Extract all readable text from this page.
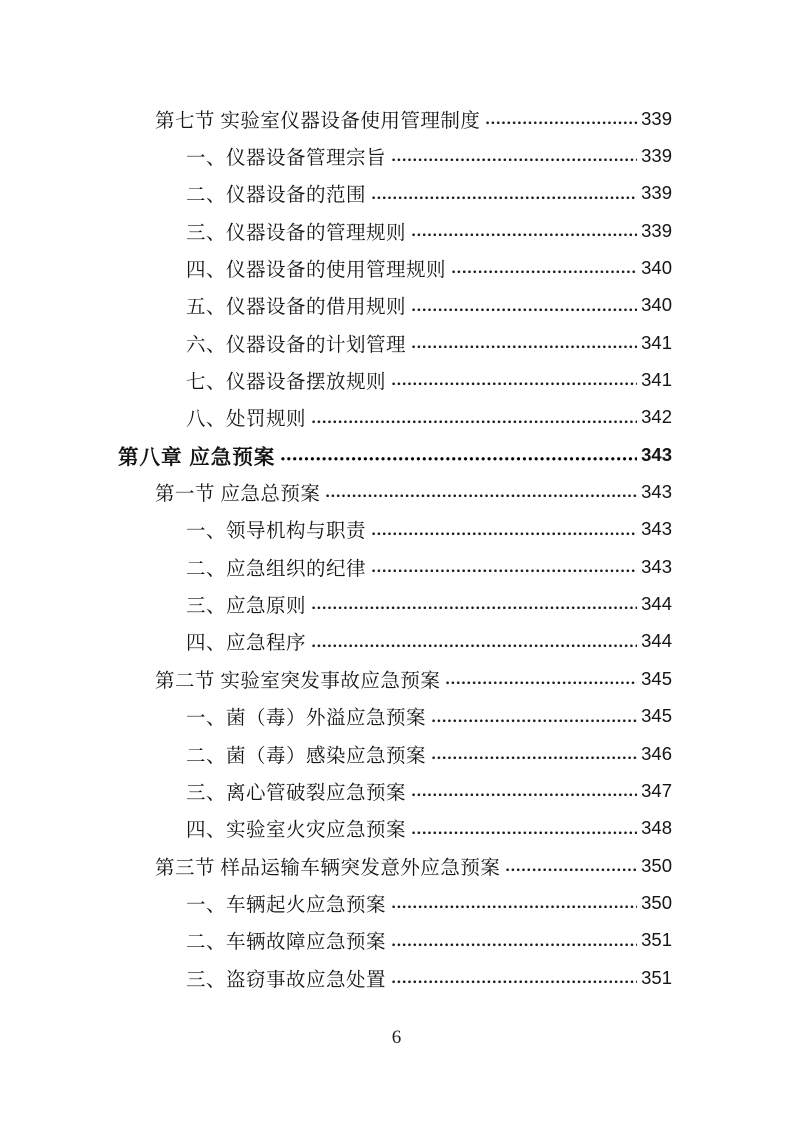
第七节 实验室仪器设备使用管理制度	339
一、仪器设备管理宗旨	339
二、仪器设备的范围	339
三、仪器设备的管理规则	339
四、仪器设备的使用管理规则	340
五、仪器设备的借用规则	340
六、仪器设备的计划管理	341
七、仪器设备摆放规则	341
八、处罚规则	342
第八章 应急预案	343
第一节 应急总预案	343
一、领导机构与职责	343
二、应急组织的纪律	343
三、应急原则	344
四、应急程序	344
第二节 实验室突发事故应急预案	345
一、菌（毒）外溢应急预案	345
二、菌（毒）感染应急预案	346
三、离心管破裂应急预案	347
四、实验室火灾应急预案	348
第三节 样品运输车辆突发意外应急预案	350
一、车辆起火应急预案	350
二、车辆故障应急预案	351
三、盗窃事故应急处置	351
6
